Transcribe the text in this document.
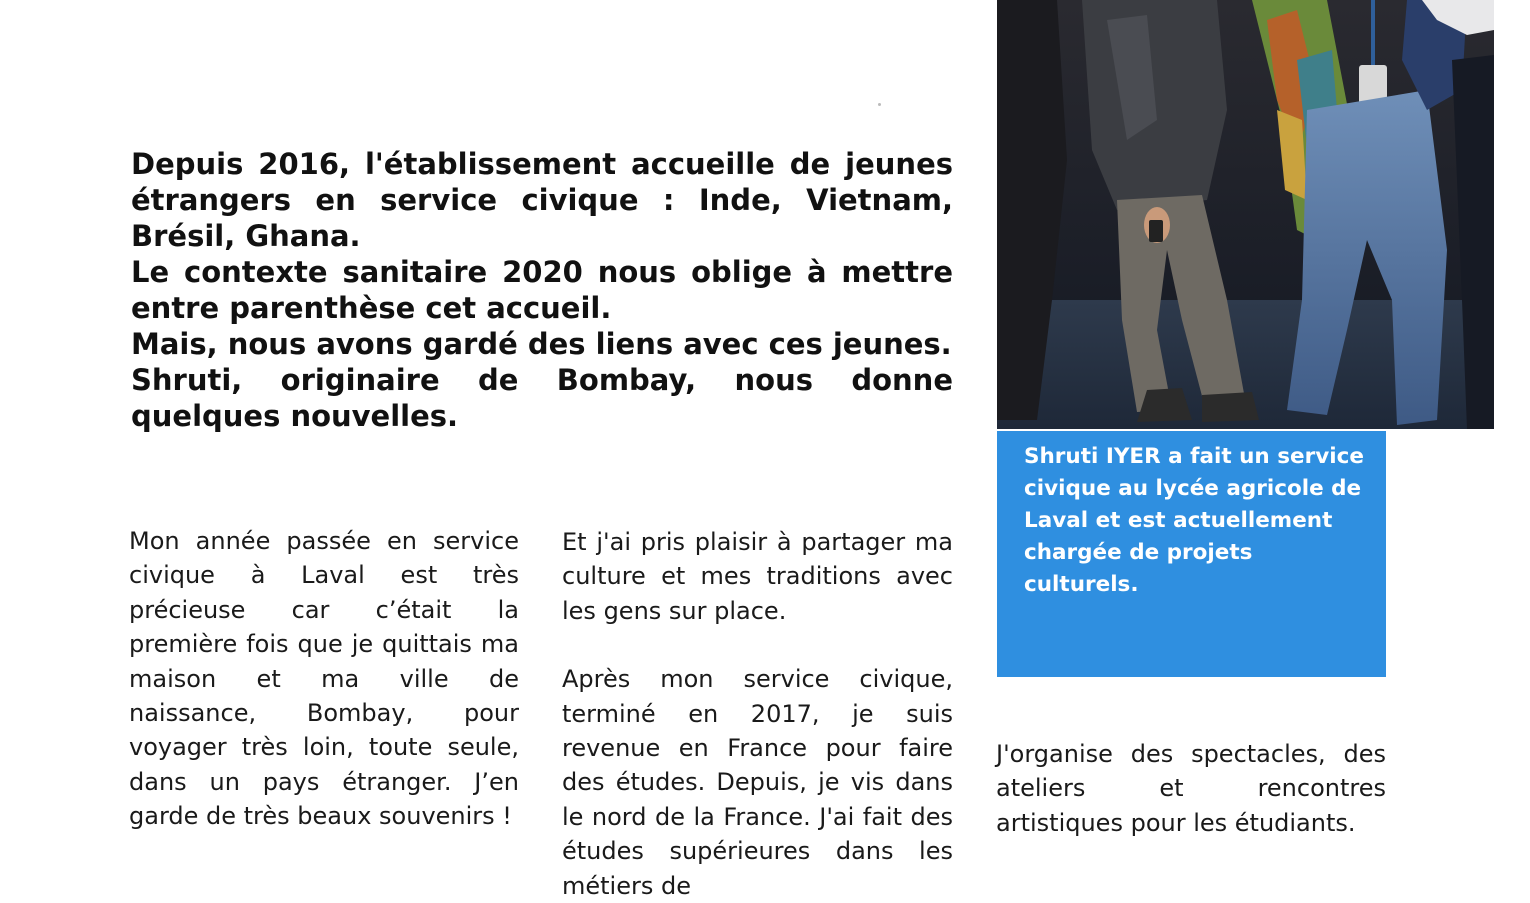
Depuis 2016, l'établissement accueille de jeunes étrangers en service civique : Inde, Vietnam, Brésil, Ghana.

Le contexte sanitaire 2020 nous oblige à mettre entre parenthèse cet accueil.

Mais, nous avons gardé des liens avec ces jeunes.

Shruti, originaire de Bombay, nous donne quelques nouvelles.

Mon année passée en service civique à Laval est très précieuse car c’était la première fois que je quittais ma maison et ma ville de naissance, Bombay, pour voyager très loin, toute seule, dans un pays étranger. J’en garde de très beaux souvenirs !

Et j'ai pris plaisir à partager ma culture et mes traditions avec les gens sur place.

Après mon service civique, terminé en 2017, je suis revenue en France pour faire des études. Depuis, je vis dans le nord de la France. J'ai fait des études supérieures dans les métiers de

Shruti IYER a fait un service civique au lycée agricole de Laval et est actuellement chargée de projets culturels.

J'organise des spectacles, des ateliers et rencontres artistiques pour les étudiants.
